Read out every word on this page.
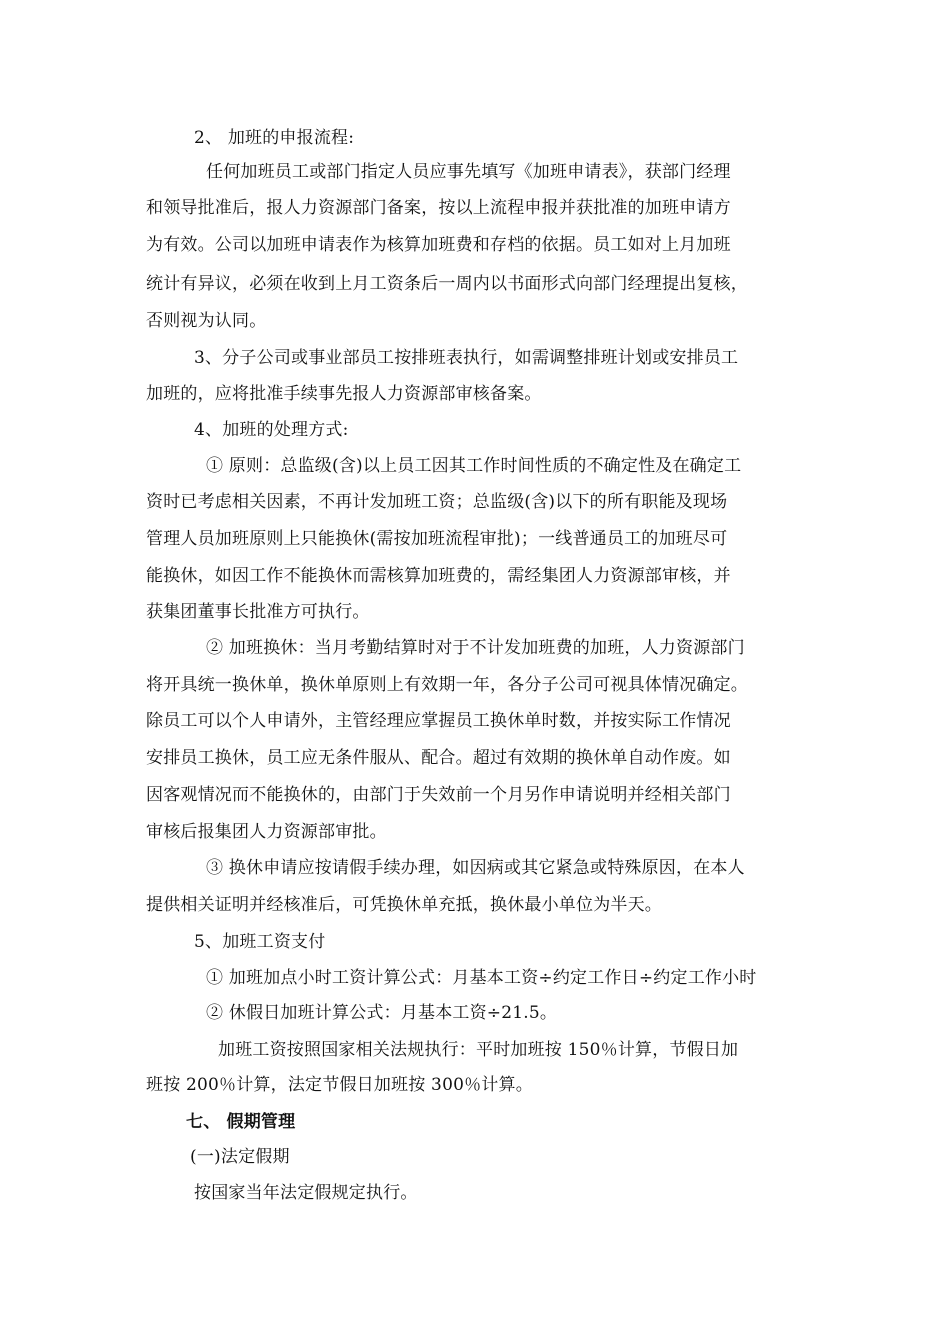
2、 加班的申报流程:
任何加班员工或部门指定人员应事先填写《加班申请表》，获部门经理
和领导批准后，报人力资源部门备案，按以上流程申报并获批准的加班申请方
为有效。公司以加班申请表作为核算加班费和存档的依据。员工如对上月加班
统计有异议，必须在收到上月工资条后一周内以书面形式向部门经理提出复核，
否则视为认同。
3、分子公司或事业部员工按排班表执行，如需调整排班计划或安排员工
加班的，应将批准手续事先报人力资源部审核备案。
4、加班的处理方式:
① 原则：总监级(含)以上员工因其工作时间性质的不确定性及在确定工
资时已考虑相关因素，不再计发加班工资；总监级(含)以下的所有职能及现场
管理人员加班原则上只能换休(需按加班流程审批)；一线普通员工的加班尽可
能换休，如因工作不能换休而需核算加班费的，需经集团人力资源部审核，并
获集团董事长批准方可执行。
② 加班换休：当月考勤结算时对于不计发加班费的加班，人力资源部门
将开具统一换休单，换休单原则上有效期一年，各分子公司可视具体情况确定。
除员工可以个人申请外，主管经理应掌握员工换休单时数，并按实际工作情况
安排员工换休，员工应无条件服从、配合。超过有效期的换休单自动作废。如
因客观情况而不能换休的，由部门于失效前一个月另作申请说明并经相关部门
审核后报集团人力资源部审批。
③ 换休申请应按请假手续办理，如因病或其它紧急或特殊原因，在本人
提供相关证明并经核准后，可凭换休单充抵，换休最小单位为半天。
5、加班工资支付
① 加班加点小时工资计算公式：月基本工资÷约定工作日÷约定工作小时
② 休假日加班计算公式：月基本工资÷21.5。
加班工资按照国家相关法规执行：平时加班按 150％计算，节假日加
班按 200％计算，法定节假日加班按 300％计算。
七、 假期管理
(一)法定假期
按国家当年法定假规定执行。
